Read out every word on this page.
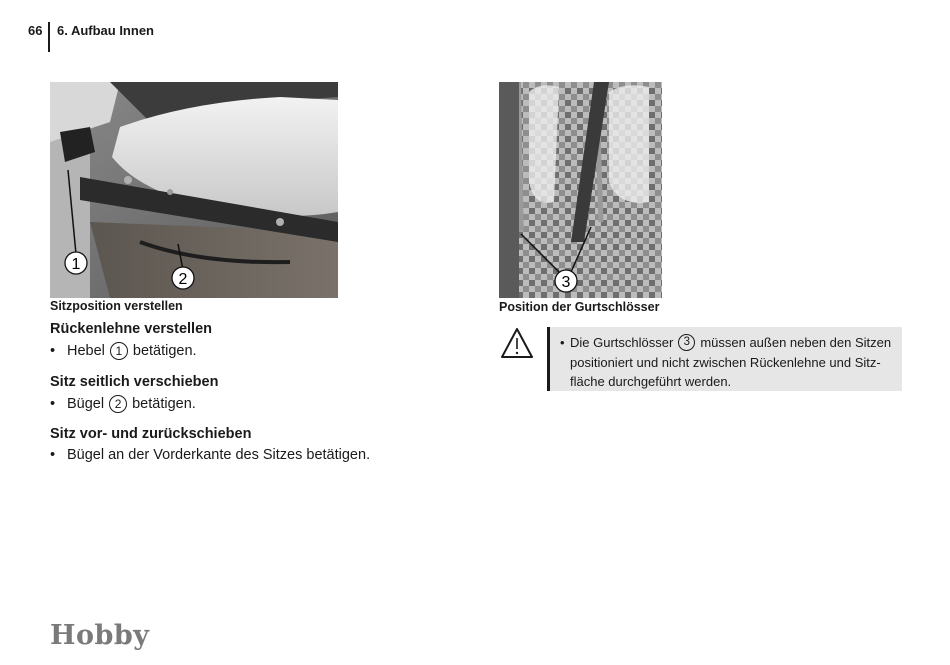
66	6. Aufbau Innen
1
2
Sitzposition verstellen
3
Position der Gurtschlösser
Rückenlehne verstellen
• Hebel 1 betätigen.
Sitz seitlich verschieben
• Bügel 2 betätigen.
Sitz vor- und zurückschieben
• Bügel an der Vorderkante des Sitzes betätigen.
• Die Gurtschlösser 3 müssen außen neben den Sitzen
positioniert und nicht zwischen Rückenlehne und Sitz-
fläche durchgeführt werden.
Hobby
